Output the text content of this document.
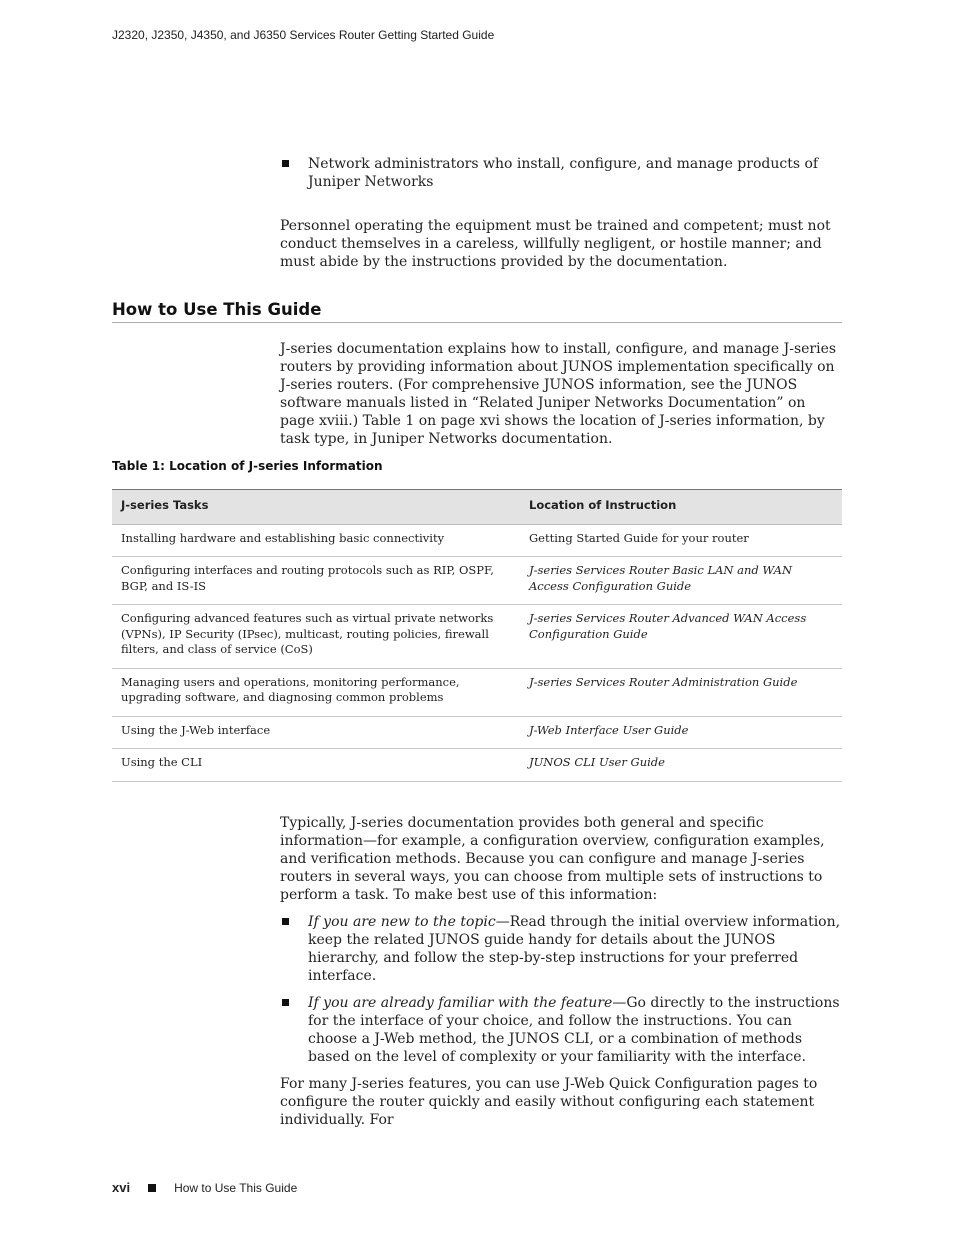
J2320, J2350, J4350, and J6350 Services Router Getting Started Guide
Network administrators who install, configure, and manage products of Juniper Networks
Personnel operating the equipment must be trained and competent; must not conduct themselves in a careless, willfully negligent, or hostile manner; and must abide by the instructions provided by the documentation.
How to Use This Guide
J-series documentation explains how to install, configure, and manage J-series routers by providing information about JUNOS implementation specifically on J-series routers. (For comprehensive JUNOS information, see the JUNOS software manuals listed in “Related Juniper Networks Documentation” on page xviii.) Table 1 on page xvi shows the location of J-series information, by task type, in Juniper Networks documentation.
Table 1: Location of J-series Information
J-series Tasks	Location of Instruction
Installing hardware and establishing basic connectivity	Getting Started Guide for your router
Configuring interfaces and routing protocols such as RIP, OSPF, BGP, and IS-IS	J-series Services Router Basic LAN and WAN Access Configuration Guide
Configuring advanced features such as virtual private networks (VPNs), IP Security (IPsec), multicast, routing policies, firewall filters, and class of service (CoS)	J-series Services Router Advanced WAN Access Configuration Guide
Managing users and operations, monitoring performance, upgrading software, and diagnosing common problems	J-series Services Router Administration Guide
Using the J-Web interface	J-Web Interface User Guide
Using the CLI	JUNOS CLI User Guide
Typically, J-series documentation provides both general and specific information—for example, a configuration overview, configuration examples, and verification methods. Because you can configure and manage J-series routers in several ways, you can choose from multiple sets of instructions to perform a task. To make best use of this information:
If you are new to the topic—Read through the initial overview information, keep the related JUNOS guide handy for details about the JUNOS hierarchy, and follow the step-by-step instructions for your preferred interface.
If you are already familiar with the feature—Go directly to the instructions for the interface of your choice, and follow the instructions. You can choose a J-Web method, the JUNOS CLI, or a combination of methods based on the level of complexity or your familiarity with the interface.
For many J-series features, you can use J-Web Quick Configuration pages to configure the router quickly and easily without configuring each statement individually. For
xvi	How to Use This Guide
